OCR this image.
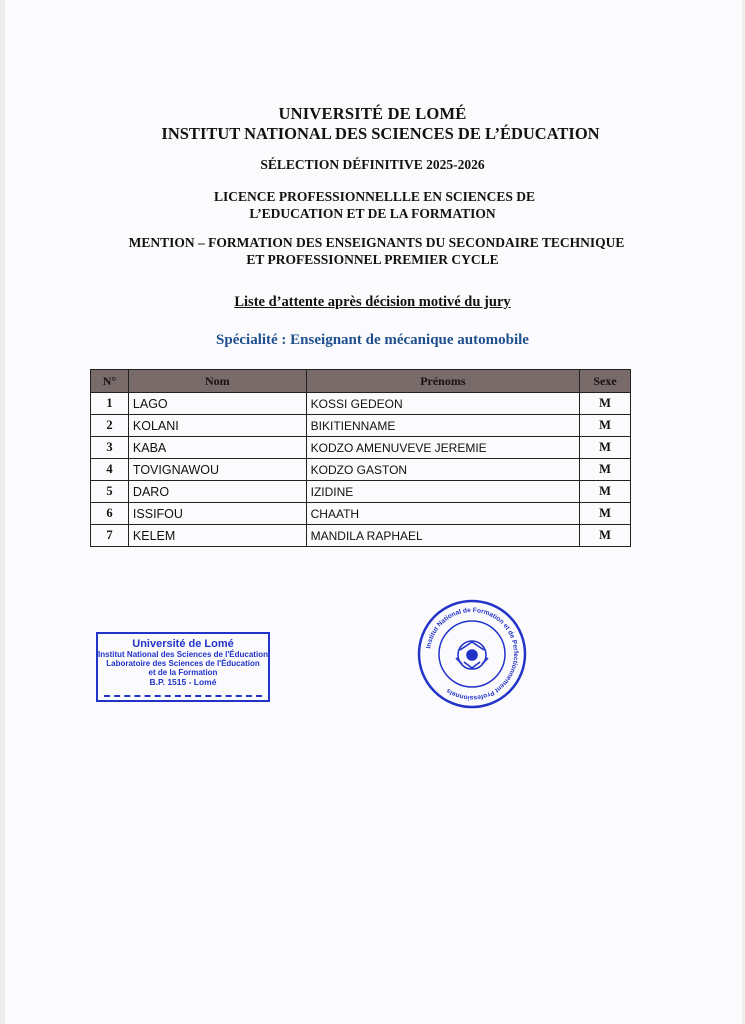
UNIVERSITÉ DE LOMÉ
INSTITUT NATIONAL DES SCIENCES DE L’ÉDUCATION
SÉLECTION DÉFINITIVE 2025-2026
LICENCE PROFESSIONNELLLE EN SCIENCES DE
L’EDUCATION ET DE LA FORMATION
MENTION – FORMATION DES ENSEIGNANTS DU SECONDAIRE TECHNIQUE
ET PROFESSIONNEL PREMIER CYCLE
Liste d’attente après décision motivé du jury
Spécialité : Enseignant de mécanique automobile
N°	Nom	Prénoms	Sexe
1	LAGO	KOSSI GEDEON	M
2	KOLANI	BIKITIENNAME	M
3	KABA	KODZO AMENUVEVE JEREMIE	M
4	TOVIGNAWOU	KODZO GASTON	M
5	DARO	IZIDINE	M
6	ISSIFOU	CHAATH	M
7	KELEM	MANDILA RAPHAEL	M
Université de Lomé
Institut National des Sciences de l'Éducation
Laboratoire des Sciences de l'Éducation
et de la Formation
B.P. 1515 - Lomé
Institut National de Formation et de Perfectionnement Professionnels
